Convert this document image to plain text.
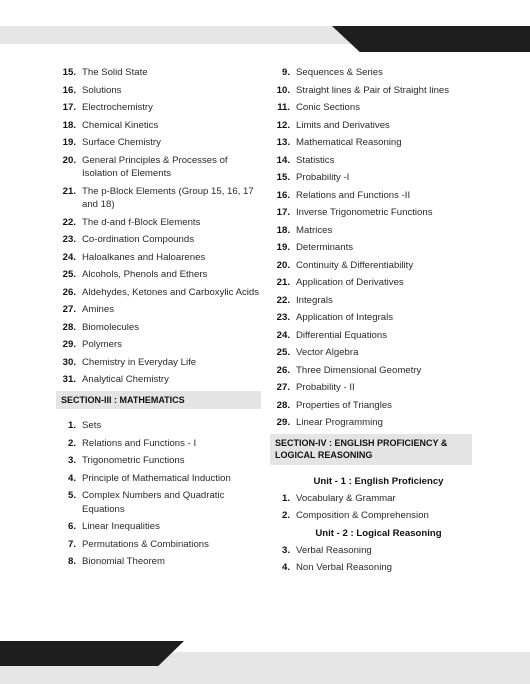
15. The Solid State
16. Solutions
17. Electrochemistry
18. Chemical Kinetics
19. Surface Chemistry
20. General Principles & Processes of Isolation of Elements
21. The p-Block Elements (Group 15, 16, 17 and 18)
22. The d-and f-Block Elements
23. Co-ordination Compounds
24. Haloalkanes and Haloarenes
25. Alcohols, Phenols and Ethers
26. Aldehydes, Ketones and Carboxylic Acids
27. Amines
28. Biomolecules
29. Polymers
30. Chemistry in Everyday Life
31. Analytical Chemistry
SECTION-III : MATHEMATICS
1. Sets
2. Relations and Functions - I
3. Trigonometric Functions
4. Principle of Mathematical Induction
5. Complex Numbers and Quadratic Equations
6. Linear Inequalities
7. Permutations & Combinations
8. Bionomial Theorem
9. Sequences & Series
10. Straight lines & Pair of Straight lines
11. Conic Sections
12. Limits and Derivatives
13. Mathematical Reasoning
14. Statistics
15. Probability -I
16. Relations and Functions -II
17. Inverse Trigonometric Functions
18. Matrices
19. Determinants
20. Continuity & Differentiability
21. Application of Derivatives
22. Integrals
23. Application of Integrals
24. Differential Equations
25. Vector Algebra
26. Three Dimensional Geometry
27. Probability - II
28. Properties of Triangles
29. Linear Programming
SECTION-IV : ENGLISH PROFICIENCY & LOGICAL REASONING
Unit - 1 : English Proficiency
1. Vocabulary & Grammar
2. Composition & Comprehension
Unit - 2 : Logical Reasoning
3. Verbal Reasoning
4. Non Verbal Reasoning
